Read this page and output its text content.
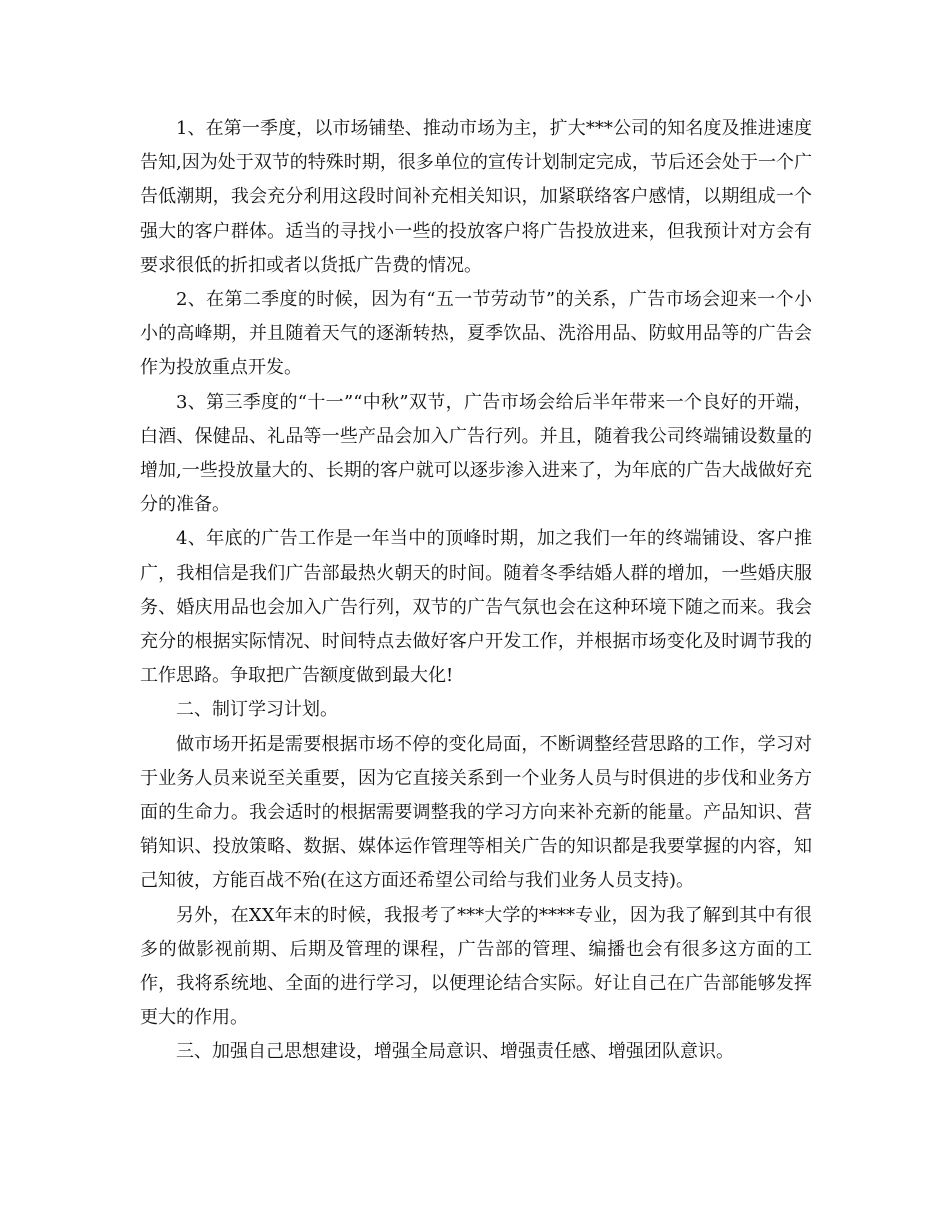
1、在第一季度，以市场铺垫、推动市场为主，扩大***公司的知名度及推进速度告知,因为处于双节的特殊时期，很多单位的宣传计划制定完成，节后还会处于一个广告低潮期，我会充分利用这段时间补充相关知识，加紧联络客户感情，以期组成一个强大的客户群体。适当的寻找小一些的投放客户将广告投放进来，但我预计对方会有要求很低的折扣或者以货抵广告费的情况。

2、在第二季度的时候，因为有“五一节劳动节”的关系，广告市场会迎来一个小小的高峰期，并且随着天气的逐渐转热，夏季饮品、洗浴用品、防蚊用品等的广告会作为投放重点开发。

3、第三季度的“十一”“中秋”双节，广告市场会给后半年带来一个良好的开端，白酒、保健品、礼品等一些产品会加入广告行列。并且，随着我公司终端铺设数量的增加,一些投放量大的、长期的客户就可以逐步渗入进来了，为年底的广告大战做好充分的准备。

4、年底的广告工作是一年当中的顶峰时期，加之我们一年的终端铺设、客户推广，我相信是我们广告部最热火朝天的时间。随着冬季结婚人群的增加，一些婚庆服务、婚庆用品也会加入广告行列，双节的广告气氛也会在这种环境下随之而来。我会充分的根据实际情况、时间特点去做好客户开发工作，并根据市场变化及时调节我的工作思路。争取把广告额度做到最大化!

二、制订学习计划。

做市场开拓是需要根据市场不停的变化局面，不断调整经营思路的工作，学习对于业务人员来说至关重要，因为它直接关系到一个业务人员与时俱进的步伐和业务方面的生命力。我会适时的根据需要调整我的学习方向来补充新的能量。产品知识、营销知识、投放策略、数据、媒体运作管理等相关广告的知识都是我要掌握的内容，知己知彼，方能百战不殆(在这方面还希望公司给与我们业务人员支持)。

另外，在XX年末的时候，我报考了***大学的****专业，因为我了解到其中有很多的做影视前期、后期及管理的课程，广告部的管理、编播也会有很多这方面的工作，我将系统地、全面的进行学习，以便理论结合实际。好让自己在广告部能够发挥更大的作用。

三、加强自己思想建设，增强全局意识、增强责任感、增强团队意识。
